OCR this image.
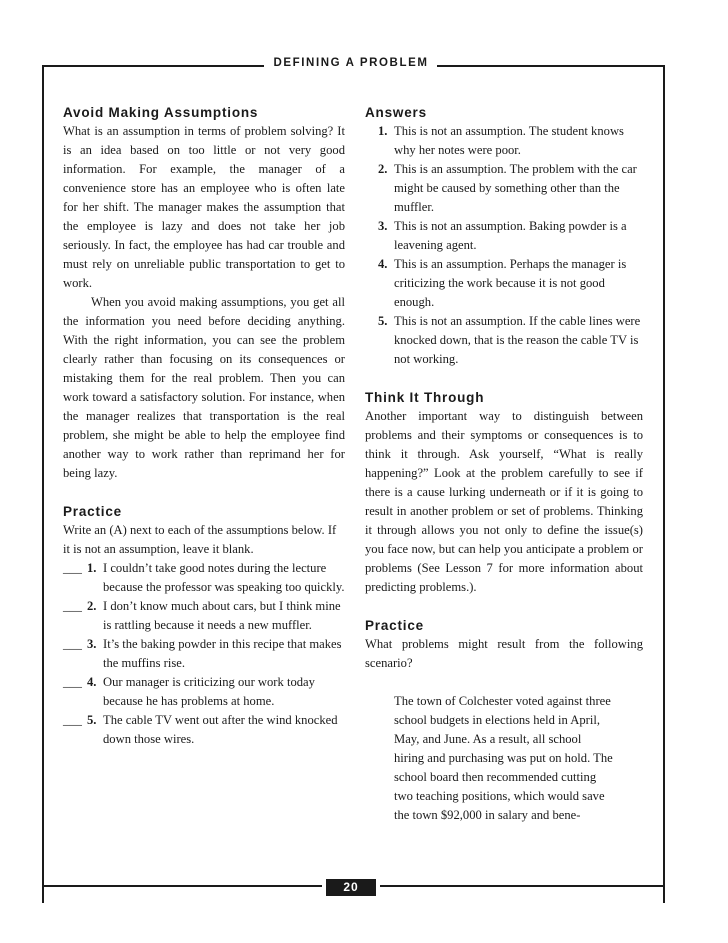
DEFINING A PROBLEM
20
Avoid Making Assumptions

What is an assumption in terms of problem solving? It is an idea based on too little or not very good information. For example, the manager of a convenience store has an employee who is often late for her shift. The manager makes the assumption that the employee is lazy and does not take her job seriously. In fact, the employee has had car trouble and must rely on unreliable public transportation to get to work.

When you avoid making assumptions, you get all the information you need before deciding anything. With the right information, you can see the problem clearly rather than focusing on its consequences or mistaking them for the real problem. Then you can work toward a satisfactory solution. For instance, when the manager realizes that transportation is the real problem, she might be able to help the employee find another way to work rather than reprimand her for being lazy.

Practice

Write an (A) next to each of the assumptions below. If it is not an assumption, leave it blank.

___ 1. I couldn’t take good notes during the lecture because the professor was speaking too quickly.
___ 2. I don’t know much about cars, but I think mine is rattling because it needs a new muffler.
___ 3. It’s the baking powder in this recipe that makes the muffins rise.
___ 4. Our manager is criticizing our work today because he has problems at home.
___ 5. The cable TV went out after the wind knocked down those wires.
Answers
1. This is not an assumption. The student knows why her notes were poor.
2. This is an assumption. The problem with the car might be caused by something other than the muffler.
3. This is not an assumption. Baking powder is a leavening agent.
4. This is an assumption. Perhaps the manager is criticizing the work because it is not good enough.
5. This is not an assumption. If the cable lines were knocked down, that is the reason the cable TV is not working.
Think It Through

Another important way to distinguish between problems and their symptoms or consequences is to think it through. Ask yourself, “What is really happening?” Look at the problem carefully to see if there is a cause lurking underneath or if it is going to result in another problem or set of problems. Thinking it through allows you not only to define the issue(s) you face now, but can help you anticipate a problem or problems (See Lesson 7 for more information about predicting problems.).

Practice

What problems might result from the following scenario?

The town of Colchester voted against three school budgets in elections held in April, May, and June. As a result, all school hiring and purchasing was put on hold. The school board then recommended cutting two teaching positions, which would save the town $92,000 in salary and bene-
